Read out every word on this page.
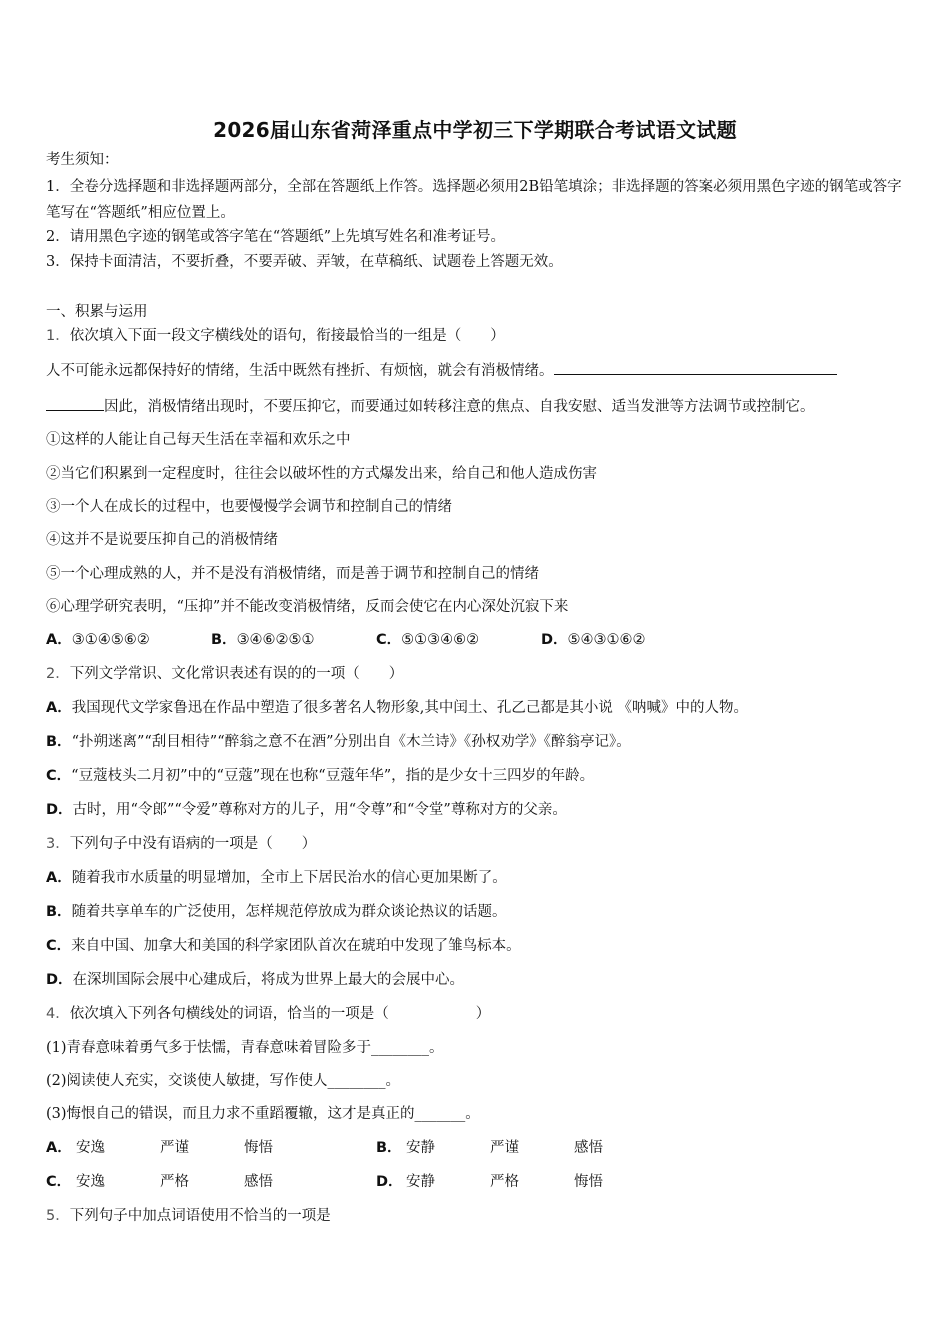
2026届山东省菏泽重点中学初三下学期联合考试语文试题
考生须知：
1．全卷分选择题和非选择题两部分，全部在答题纸上作答。选择题必须用2B铅笔填涂；非选择题的答案必须用黑色字迹的钢笔或答字笔写在“答题纸”相应位置上。
2．请用黑色字迹的钢笔或答字笔在“答题纸”上先填写姓名和准考证号。
3．保持卡面清洁，不要折叠，不要弄破、弄皱，在草稿纸、试题卷上答题无效。
一、积累与运用
1．依次填入下面一段文字横线处的语句，衔接最恰当的一组是（　　）
人不可能永远都保持好的情绪，生活中既然有挫折、有烦恼，就会有消极情绪。
因此，消极情绪出现时，不要压抑它，而要通过如转移注意的焦点、自我安慰、适当发泄等方法调节或控制它。
①这样的人能让自己每天生活在幸福和欢乐之中
②当它们积累到一定程度时，往往会以破坏性的方式爆发出来，给自己和他人造成伤害
③一个人在成长的过程中，也要慢慢学会调节和控制自己的情绪
④这并不是说要压抑自己的消极情绪
⑤一个心理成熟的人，并不是没有消极情绪，而是善于调节和控制自己的情绪
⑥心理学研究表明，“压抑”并不能改变消极情绪，反而会使它在内心深处沉寂下来
A．③①④⑤⑥②	B．③④⑥②⑤①	C．⑤①③④⑥②	D．⑤④③①⑥②
2．下列文学常识、文化常识表述有误的的一项（　　）
A．我国现代文学家鲁迅在作品中塑造了很多著名人物形象,其中闰土、孔乙己都是其小说 《呐喊》中的人物。
B．“扑朔迷离”“刮目相待”“醉翁之意不在酒”分别出自《木兰诗》《孙权劝学》《醉翁亭记》。
C．“豆蔻枝头二月初”中的“豆蔻”现在也称“豆蔻年华”，指的是少女十三四岁的年龄。
D．古时，用“令郎”“令爱”尊称对方的儿子，用“令尊”和“令堂”尊称对方的父亲。
3．下列句子中没有语病的一项是（　　）
A．随着我市水质量的明显增加，全市上下居民治水的信心更加果断了。
B．随着共享单车的广泛使用，怎样规范停放成为群众谈论热议的话题。
C．来自中国、加拿大和美国的科学家团队首次在琥珀中发现了雏鸟标本。
D．在深圳国际会展中心建成后，将成为世界上最大的会展中心。
4．依次填入下列各句横线处的词语，恰当的一项是（　　　　　　）
(1)青春意味着勇气多于怯懦，青春意味着冒险多于________。
(2)阅读使人充实，交谈使人敏捷，写作使人________。
(3)悔恨自己的错误，而且力求不重蹈覆辙，这才是真正的_______。
A． 安逸	严谨	悔悟	B． 安静	严谨	感悟
C． 安逸	严格	感悟	D． 安静	严格	悔悟
5．下列句子中加点词语使用不恰当的一项是
